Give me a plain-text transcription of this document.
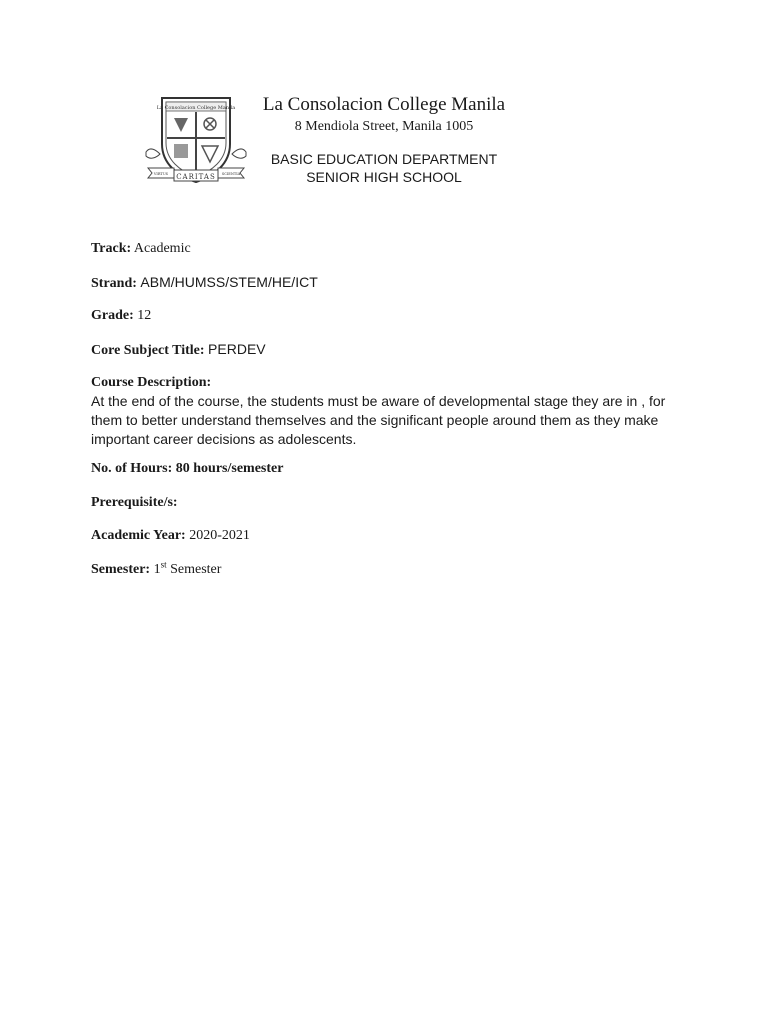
La Consolacion College Manila
CARITAS
VIRTUS	SCIENTIA
La Consolacion College Manila
8 Mendiola Street, Manila 1005
BASIC EDUCATION DEPARTMENT
SENIOR HIGH SCHOOL
Track: Academic
Strand: ABM/HUMSS/STEM/HE/ICT
Grade: 12
Core Subject Title: PERDEV
Course Description:
At the end of the course, the students must be aware of developmental stage they are in , for them to better understand themselves and the significant people around them as they make important career decisions as adolescents.
No. of Hours: 80 hours/semester
Prerequisite/s:
Academic Year: 2020-2021
Semester: 1st Semester
